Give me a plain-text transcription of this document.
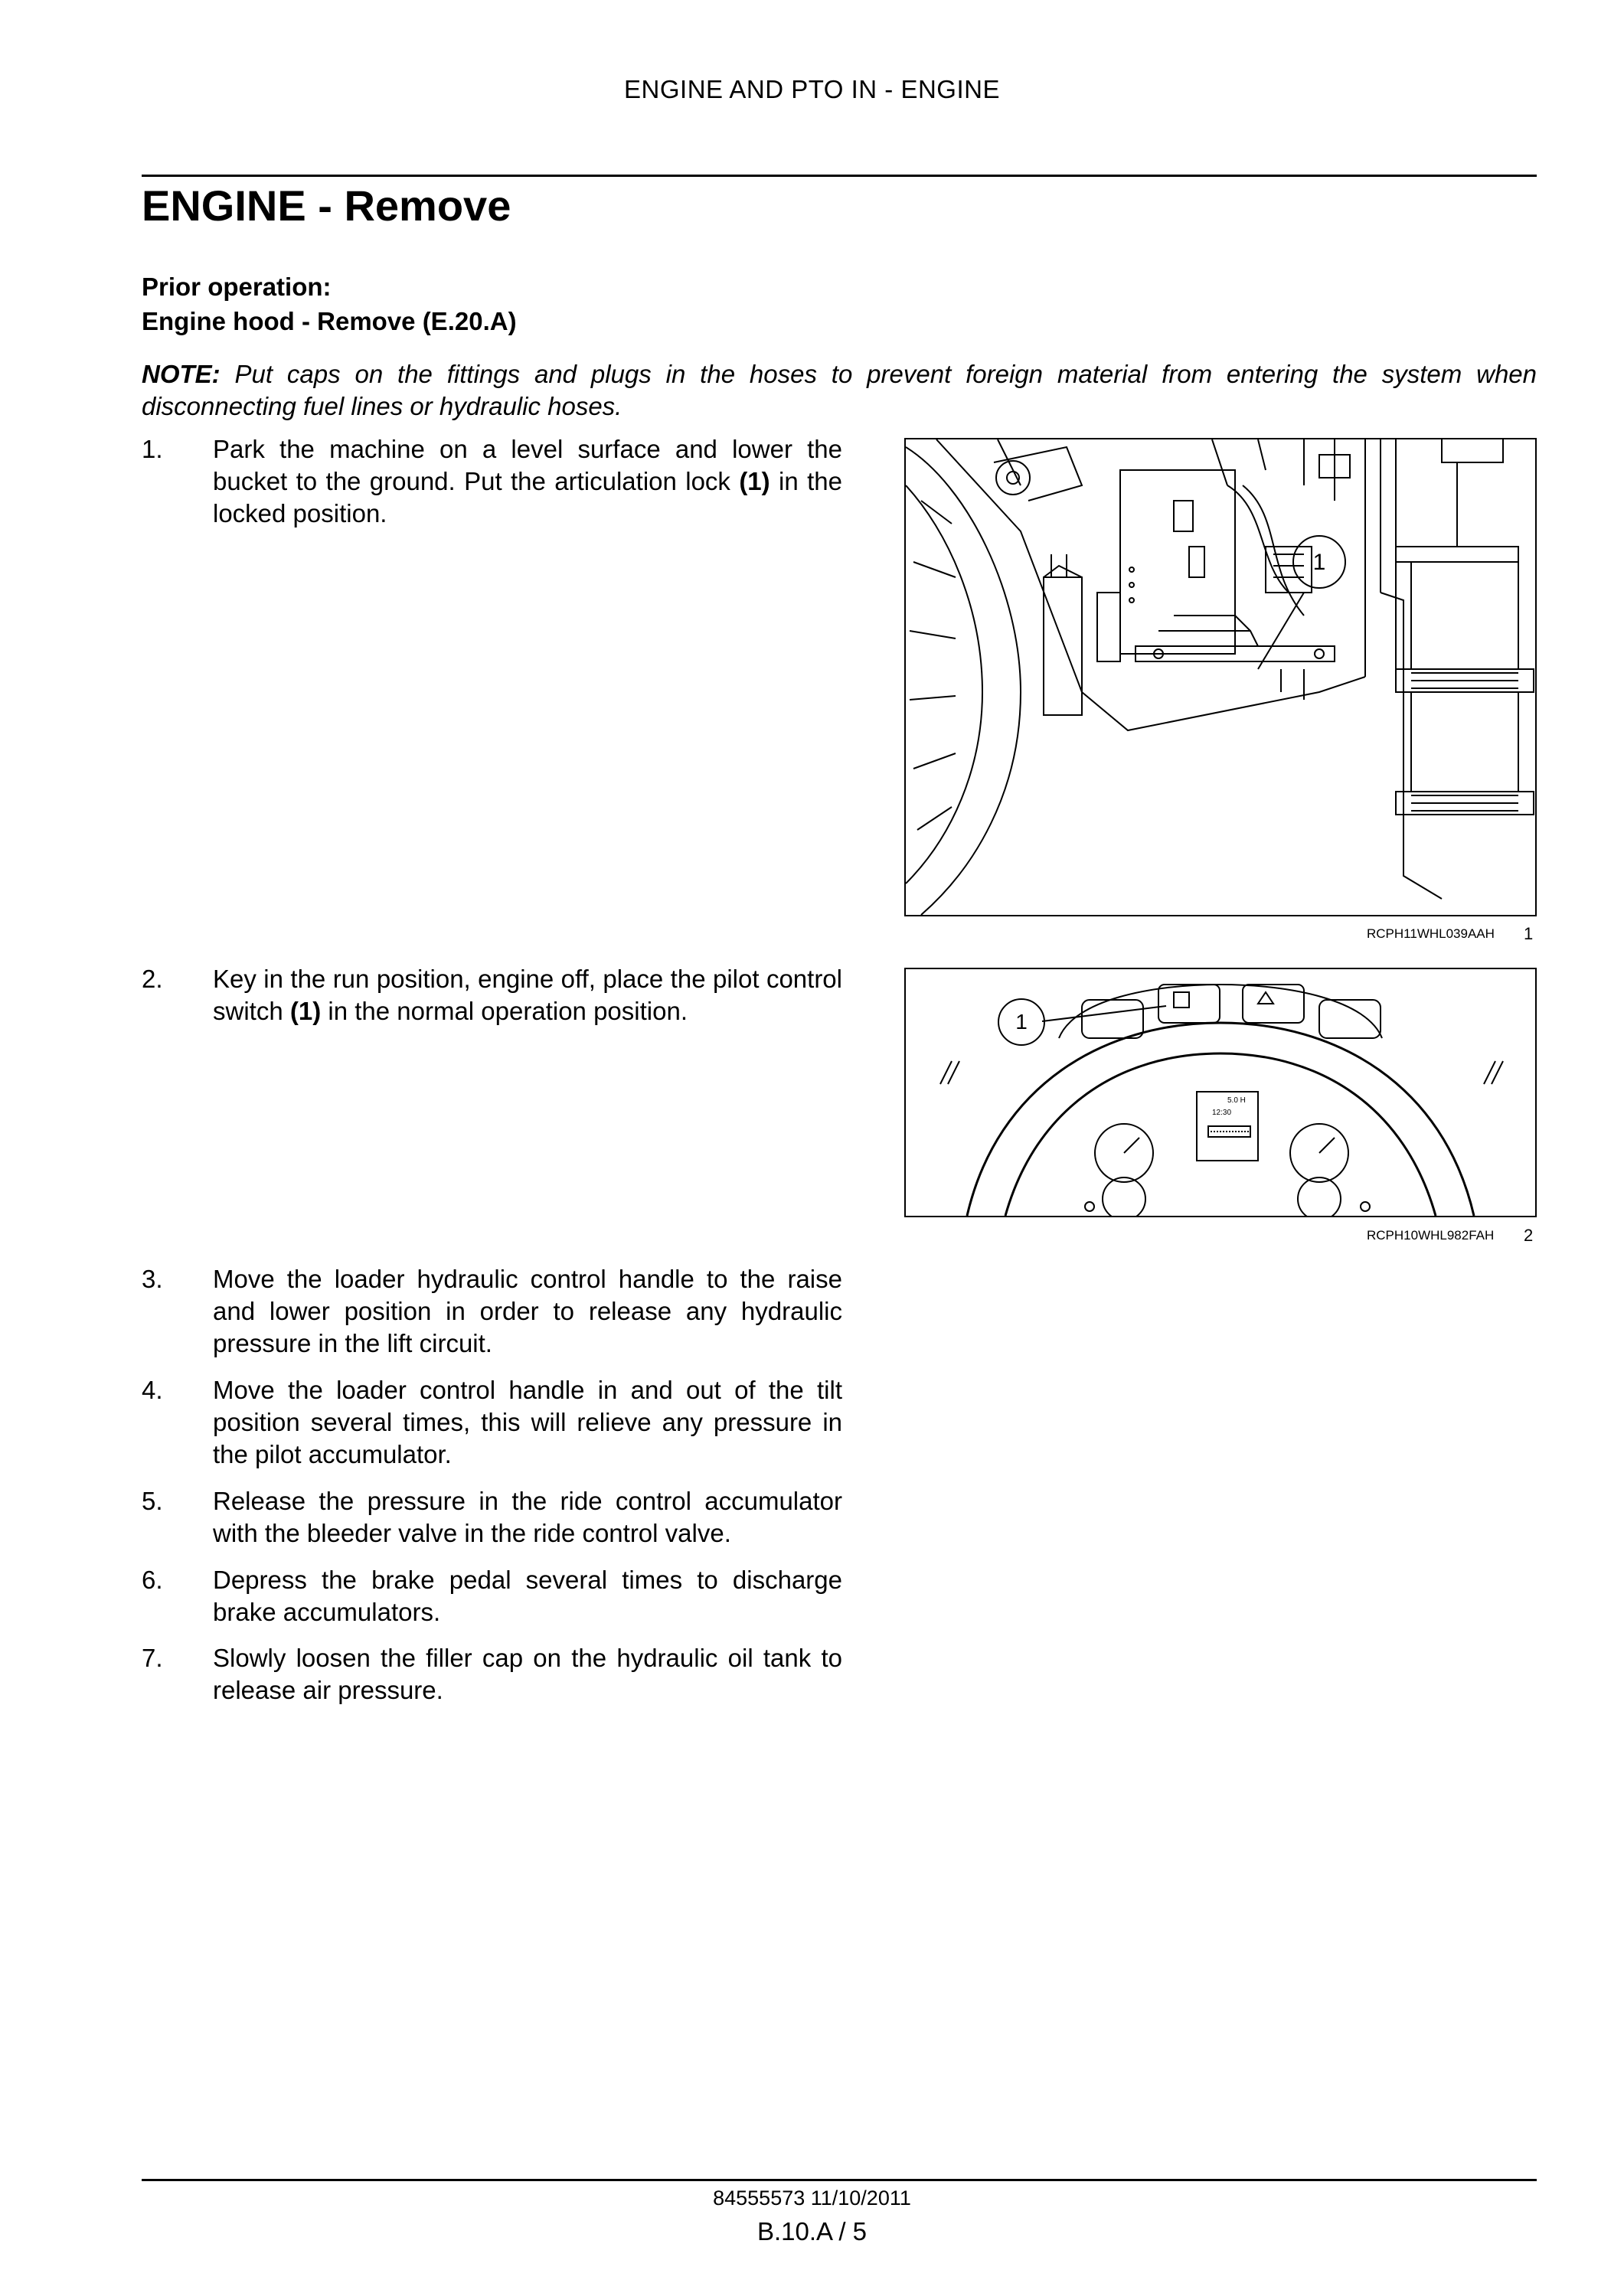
ENGINE AND PTO IN - ENGINE
ENGINE - Remove
Prior operation:
Engine hood - Remove (E.20.A)
NOTE: Put caps on the fittings and plugs in the hoses to prevent foreign material from entering the system when disconnecting fuel lines or hydraulic hoses.
1. Park the machine on a level surface and lower the bucket to the ground. Put the articulation lock (1) in the locked position.
2. Key in the run position, engine off, place the pilot control switch (1) in the normal operation position.
3. Move the loader hydraulic control handle to the raise and lower position in order to release any hydraulic pressure in the lift circuit.
4. Move the loader control handle in and out of the tilt position several times, this will relieve any pressure in the pilot accumulator.
5. Release the pressure in the ride control accumulator with the bleeder valve in the ride control valve.
6. Depress the brake pedal several times to discharge brake accumulators.
7. Slowly loosen the filler cap on the hydraulic oil tank to release air pressure.
1
RCPH11WHL039AAH 1
1
5.0 H
12:30
RCPH10WHL982FAH 2
84555573 11/10/2011
B.10.A / 5
